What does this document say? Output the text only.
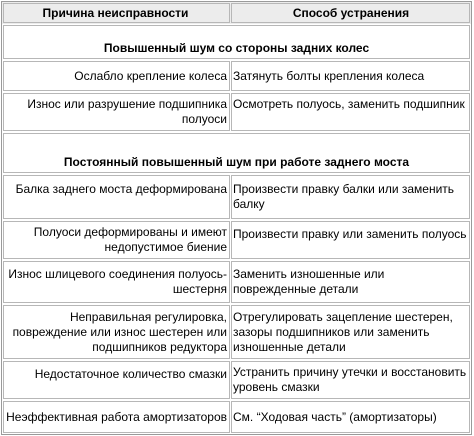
Причина неисправности	Способ устранения
Повышенный шум со стороны задних колес
Ослабло крепление колеса Затянуть болты крепления колеса
Износ или разрушение подшипника полуоси
Осмотреть полуось, заменить подшипник
Постоянный повышенный шум при работе заднего моста
Балка заднего моста деформирована Произвести правку балки или заменить балку
Полуоси деформированы и имеют недопустимое биение
Произвести правку или заменить полуось
Износ шлицевого соединения полуось-шестерня
Заменить изношенные или поврежденные детали
Неправильная регулировка, повреждение или износ шестерен или подшипников редуктора
Отрегулировать зацепление шестерен, зазоры подшипников или заменить изношенные детали
Недостаточное количество смазки Устранить причину утечки и восстановить уровень смазки
Неэффективная работа амортизаторов См. “Ходовая часть” (амортизаторы)
